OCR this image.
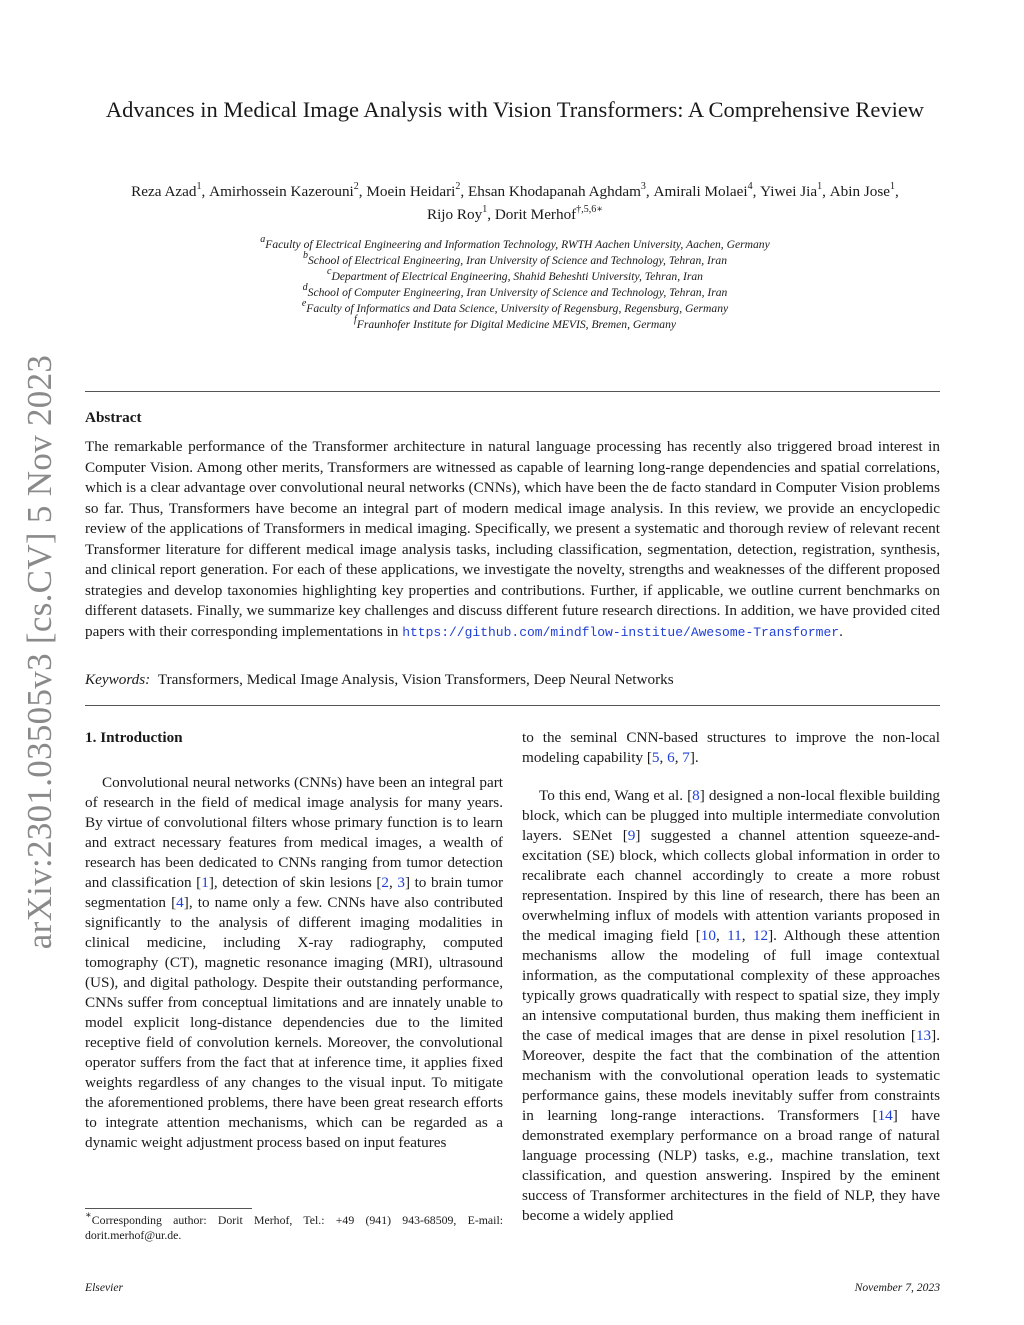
arXiv:2301.03505v3 [cs.CV] 5 Nov 2023
Advances in Medical Image Analysis with Vision Transformers: A Comprehensive Review
Reza Azad$^1$, Amirhossein Kazerouni$^2$, Moein Heidari$^2$, Ehsan Khodapanah Aghdam$^3$, Amirali Molaei$^4$, Yiwei Jia$^1$, Abin Jose$^1$,
Rijo Roy$^1$, Dorit Merhof$^{\dagger,5,6∗}$
$^a$Faculty of Electrical Engineering and Information Technology, RWTH Aachen University, Aachen, Germany
$^b$School of Electrical Engineering, Iran University of Science and Technology, Tehran, Iran
$^c$Department of Electrical Engineering, Shahid Beheshti University, Tehran, Iran
$^d$School of Computer Engineering, Iran University of Science and Technology, Tehran, Iran
$^e$Faculty of Informatics and Data Science, University of Regensburg, Regensburg, Germany
$^f$Fraunhofer Institute for Digital Medicine MEVIS, Bremen, Germany
Abstract
The remarkable performance of the Transformer architecture in natural language processing has recently also triggered broad interest in Computer Vision. Among other merits, Transformers are witnessed as capable of learning long-range dependencies and spatial correlations, which is a clear advantage over convolutional neural networks (CNNs), which have been the de facto standard in Computer Vision problems so far. Thus, Transformers have become an integral part of modern medical image analysis. In this review, we provide an encyclopedic review of the applications of Transformers in medical imaging. Specifically, we present a systematic and thorough review of relevant recent Transformer literature for different medical image analysis tasks, including classification, segmentation, detection, registration, synthesis, and clinical report generation. For each of these applications, we investigate the novelty, strengths and weaknesses of the different proposed strategies and develop taxonomies highlighting key properties and contributions. Further, if applicable, we outline current benchmarks on different datasets. Finally, we summarize key challenges and discuss different future research directions. In addition, we have provided cited papers with their corresponding implementations in https://github.com/mindflow-institue/Awesome-Transformer.
Keywords: Transformers, Medical Image Analysis, Vision Transformers, Deep Neural Networks
1. Introduction

Convolutional neural networks (CNNs) have been an integral part of research in the field of medical image analysis for many years. By virtue of convolutional filters whose primary function is to learn and extract necessary features from medical images, a wealth of research has been dedicated to CNNs ranging from tumor detection and classification [1], detection of skin lesions [2, 3] to brain tumor segmentation [4], to name only a few. CNNs have also contributed significantly to the analysis of different imaging modalities in clinical medicine, including X-ray radiography, computed tomography (CT), magnetic resonance imaging (MRI), ultrasound (US), and digital pathology. Despite their outstanding performance, CNNs suffer from conceptual limitations and are innately unable to model explicit long-distance dependencies due to the limited receptive field of convolution kernels. Moreover, the convolutional operator suffers from the fact that at inference time, it applies fixed weights regardless of any changes to the visual input. To mitigate the aforementioned problems, there have been great research efforts to integrate attention mechanisms, which can be regarded as a dynamic weight adjustment process based on input features

to the seminal CNN-based structures to improve the non-local modeling capability [5, 6, 7].

To this end, Wang et al. [8] designed a non-local flexible building block, which can be plugged into multiple intermediate convolution layers. SENet [9] suggested a channel attention squeeze-and-excitation (SE) block, which collects global information in order to recalibrate each channel accordingly to create a more robust representation. Inspired by this line of research, there has been an overwhelming influx of models with attention variants proposed in the medical imaging field [10, 11, 12]. Although these attention mechanisms allow the modeling of full image contextual information, as the computational complexity of these approaches typically grows quadratically with respect to spatial size, they imply an intensive computational burden, thus making them inefficient in the case of medical images that are dense in pixel resolution [13]. Moreover, despite the fact that the combination of the attention mechanism with the convolutional operation leads to systematic performance gains, these models inevitably suffer from constraints in learning long-range interactions. Transformers [14] have demonstrated exemplary performance on a broad range of natural language processing (NLP) tasks, e.g., machine translation, text classification, and question answering. Inspired by the eminent success of Transformer architectures in the field of NLP, they have become a widely applied

∗Corresponding author: Dorit Merhof, Tel.: +49 (941) 943-68509, E-mail: dorit.merhof@ur.de.
Elsevier	November 7, 2023
